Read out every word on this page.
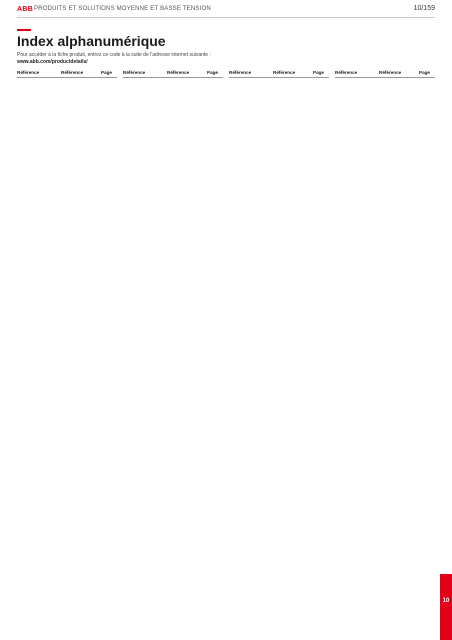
ABB PRODUITS ET SOLUTIONS MOYENNE ET BASSE TENSION	10/159
Index alphanumérique
Pour accéder à la fiche produit, entrez ce code à la suite de l'adresse internet suivante :
www.abb.com/productdetails/
Référence	Référence	Page	Référence	Référence	Page	Référence	Référence	Page	Référence	Référence	Page
10
